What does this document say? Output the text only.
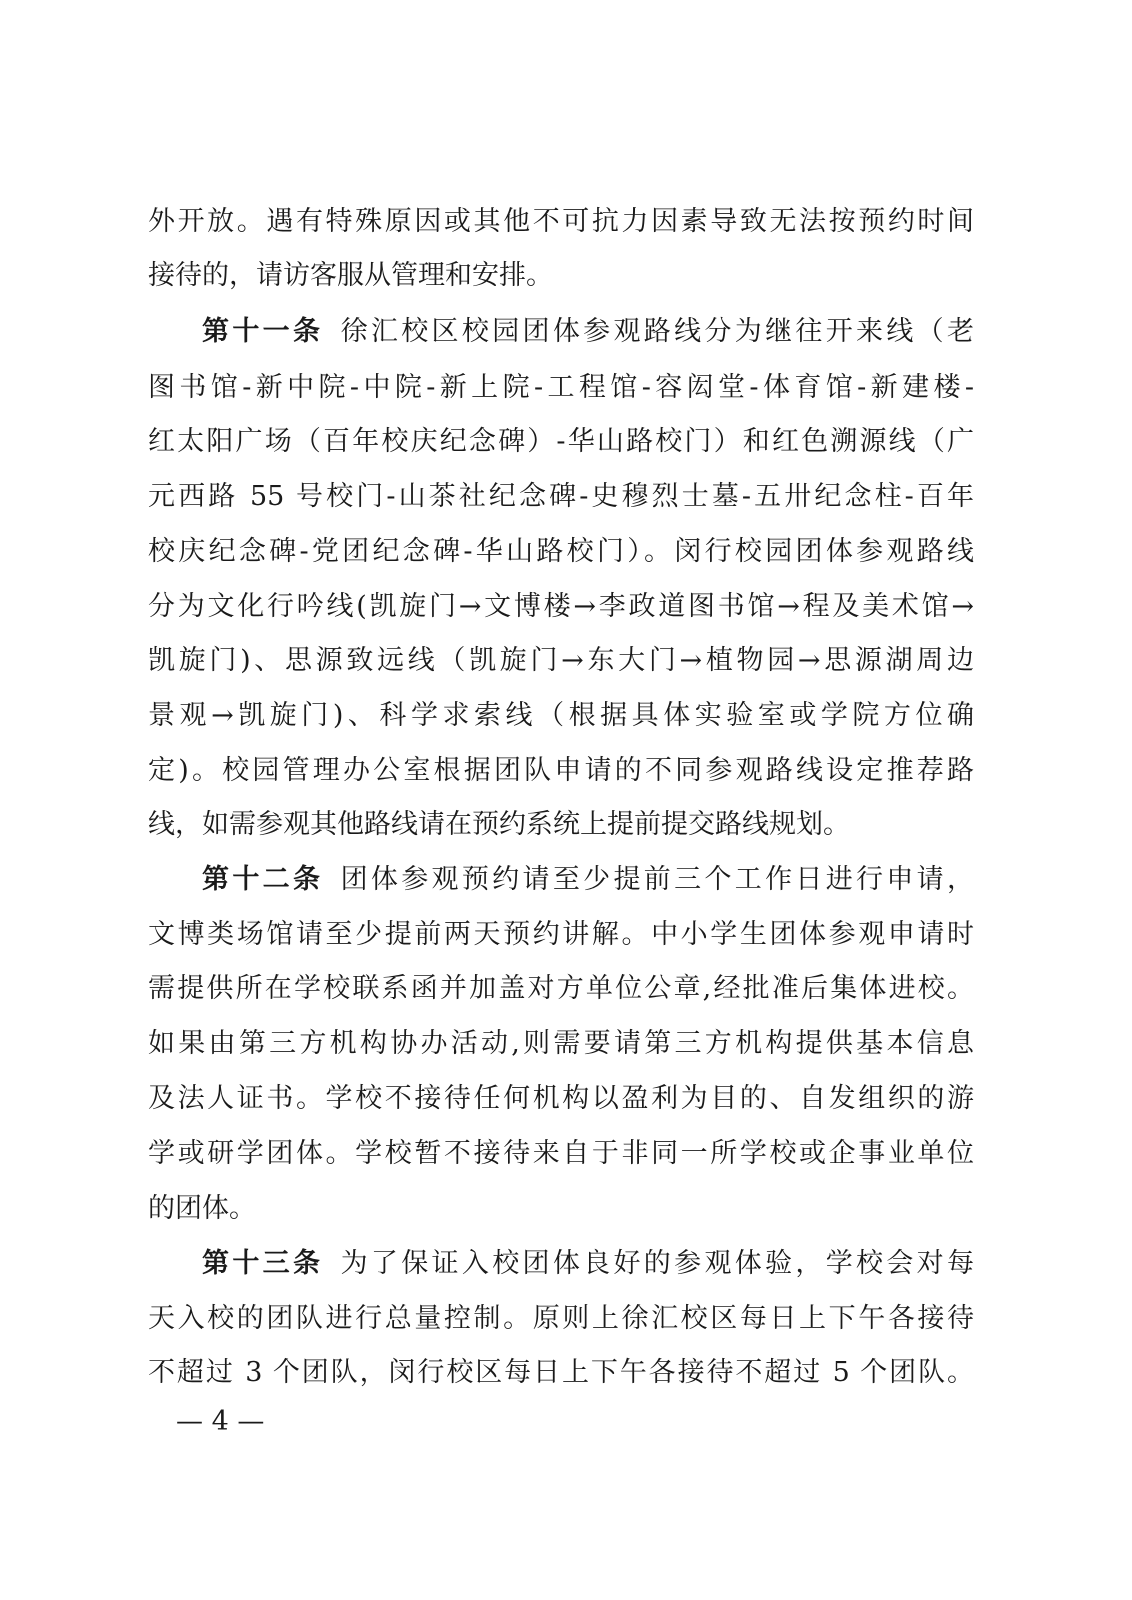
外开放。遇有特殊原因或其他不可抗力因素导致无法按预约时间
接待的，请访客服从管理和安排。
第十一条 徐汇校区校园团体参观路线分为继往开来线（老
图书馆-新中院-中院-新上院-工程馆-容闳堂-体育馆-新建楼-
红太阳广场（百年校庆纪念碑）-华山路校门）和红色溯源线（广
元西路 55 号校门-山茶社纪念碑-史穆烈士墓-五卅纪念柱-百年
校庆纪念碑-党团纪念碑-华山路校门）。闵行校园团体参观路线
分为文化行吟线(凯旋门→文博楼→李政道图书馆→程及美术馆→
凯旋门)、思源致远线（凯旋门→东大门→植物园→思源湖周边
景观→凯旋门)、科学求索线（根据具体实验室或学院方位确
定)。校园管理办公室根据团队申请的不同参观路线设定推荐路
线，如需参观其他路线请在预约系统上提前提交路线规划。
第十二条 团体参观预约请至少提前三个工作日进行申请，
文博类场馆请至少提前两天预约讲解。中小学生团体参观申请时
需提供所在学校联系函并加盖对方单位公章,经批准后集体进校。
如果由第三方机构协办活动,则需要请第三方机构提供基本信息
及法人证书。学校不接待任何机构以盈利为目的、自发组织的游
学或研学团体。学校暂不接待来自于非同一所学校或企事业单位
的团体。
第十三条 为了保证入校团体良好的参观体验，学校会对每
天入校的团队进行总量控制。原则上徐汇校区每日上下午各接待
不超过 3 个团队，闵行校区每日上下午各接待不超过 5 个团队。
— 4 —
